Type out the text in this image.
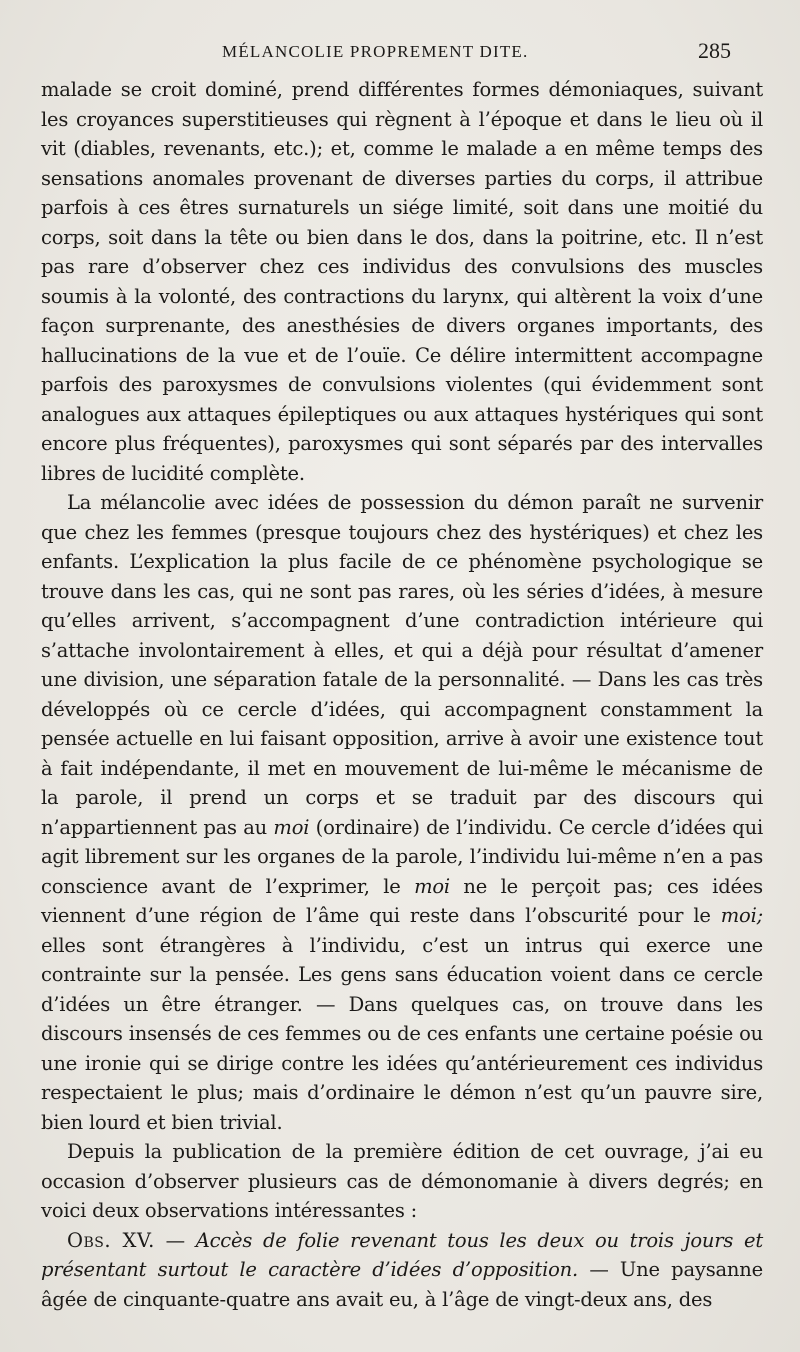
MÉLANCOLIE PROPREMENT DITE.	285

malade se croit dominé, prend différentes formes démoniaques, suivant les croyances superstitieuses qui règnent à l’époque et dans le lieu où il vit (diables, revenants, etc.); et, comme le malade a en même temps des sensations anomales provenant de diverses parties du corps, il attribue parfois à ces êtres surnaturels un siége limité, soit dans une moitié du corps, soit dans la tête ou bien dans le dos, dans la poitrine, etc. Il n’est pas rare d’observer chez ces individus des convulsions des muscles soumis à la volonté, des contractions du larynx, qui altèrent la voix d’une façon surprenante, des anesthésies de divers organes importants, des hallucinations de la vue et de l’ouïe. Ce délire intermittent accompagne parfois des paroxysmes de convulsions violentes (qui évidemment sont analogues aux attaques épileptiques ou aux attaques hystériques qui sont encore plus fréquentes), paroxysmes qui sont séparés par des intervalles libres de lucidité complète.

La mélancolie avec idées de possession du démon paraît ne survenir que chez les femmes (presque toujours chez des hystériques) et chez les enfants. L’explication la plus facile de ce phénomène psychologique se trouve dans les cas, qui ne sont pas rares, où les séries d’idées, à mesure qu’elles arrivent, s’accompagnent d’une contradiction intérieure qui s’attache involontairement à elles, et qui a déjà pour résultat d’amener une division, une séparation fatale de la personnalité. — Dans les cas très développés où ce cercle d’idées, qui accompagnent constamment la pensée actuelle en lui faisant opposition, arrive à avoir une existence tout à fait indépendante, il met en mouvement de lui-même le mécanisme de la parole, il prend un corps et se traduit par des discours qui n’appartiennent pas au moi (ordinaire) de l’individu. Ce cercle d’idées qui agit librement sur les organes de la parole, l’individu lui-même n’en a pas conscience avant de l’exprimer, le moi ne le perçoit pas; ces idées viennent d’une région de l’âme qui reste dans l’obscurité pour le moi; elles sont étrangères à l’individu, c’est un intrus qui exerce une contrainte sur la pensée. Les gens sans éducation voient dans ce cercle d’idées un être étranger. — Dans quelques cas, on trouve dans les discours insensés de ces femmes ou de ces enfants une certaine poésie ou une ironie qui se dirige contre les idées qu’antérieurement ces individus respectaient le plus; mais d’ordinaire le démon n’est qu’un pauvre sire, bien lourd et bien trivial.

Depuis la publication de la première édition de cet ouvrage, j’ai eu occasion d’observer plusieurs cas de démonomanie à divers degrés; en voici deux observations intéressantes :

Obs. XV. — Accès de folie revenant tous les deux ou trois jours et présentant surtout le caractère d’idées d’opposition. — Une paysanne âgée de cinquante-quatre ans avait eu, à l’âge de vingt-deux ans, des
